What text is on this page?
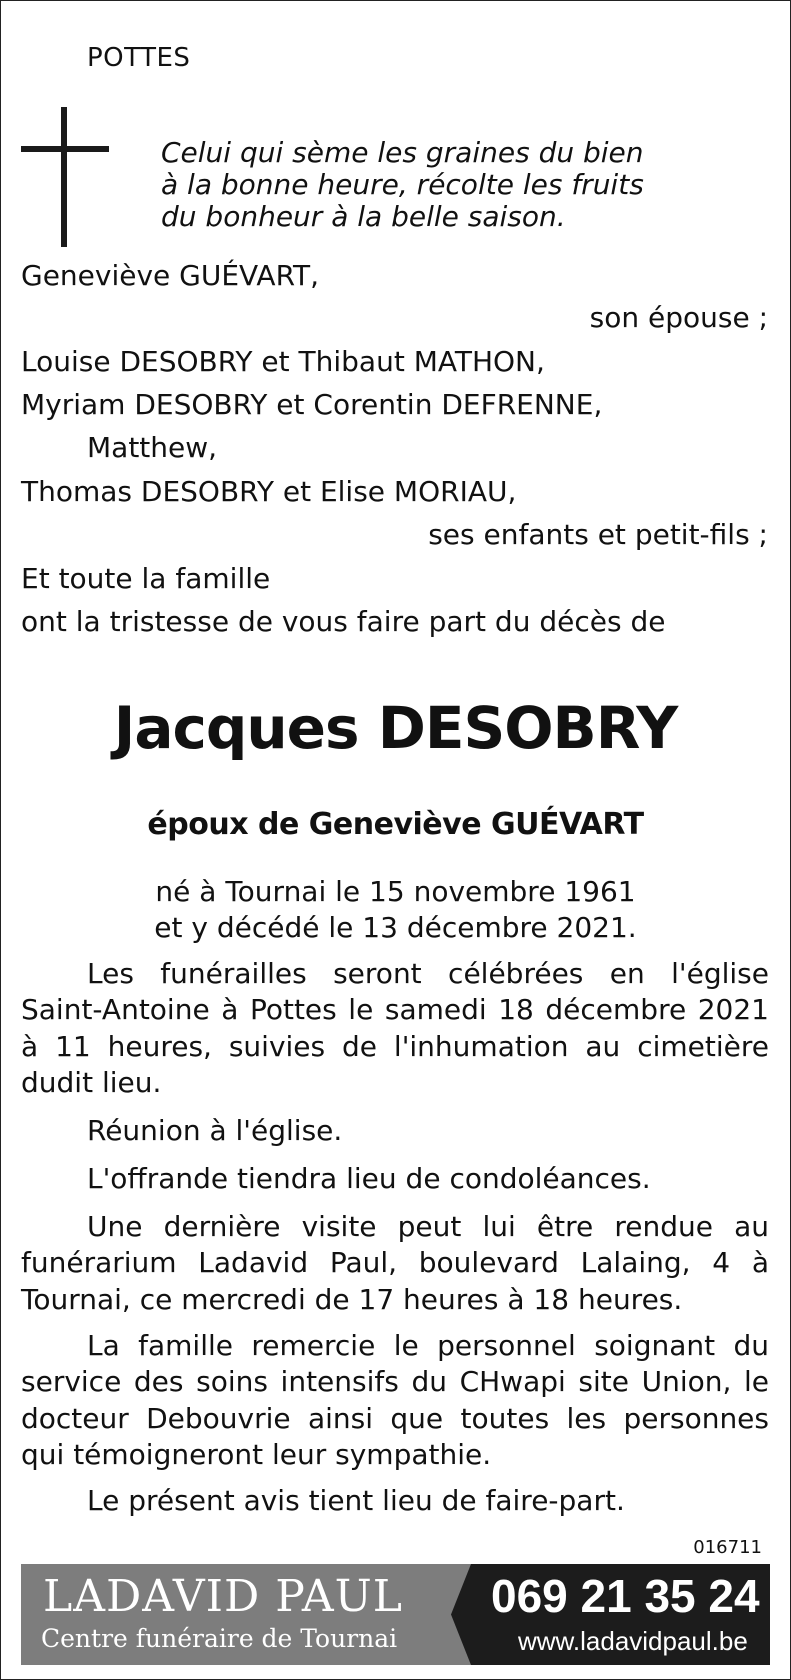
POTTES
Celui qui sème les graines du bien
à la bonne heure, récolte les fruits
du bonheur à la belle saison.
Geneviève GUÉVART,
son épouse ;
Louise DESOBRY et Thibaut MATHON,
Myriam DESOBRY et Corentin DEFRENNE,
Matthew,
Thomas DESOBRY et Elise MORIAU,
ses enfants et petit-fils ;
Et toute la famille
ont la tristesse de vous faire part du décès de
Jacques DESOBRY
époux de Geneviève GUÉVART
né à Tournai le 15 novembre 1961
et y décédé le 13 décembre 2021.
Les funérailles seront célébrées en l'église Saint-Antoine à Pottes le samedi 18 décembre 2021 à 11 heures, suivies de l'inhumation au cimetière dudit lieu.
Réunion à l'église.
L'offrande tiendra lieu de condoléances.
Une dernière visite peut lui être rendue au funérarium Ladavid Paul, boulevard Lalaing, 4 à Tournai, ce mercredi de 17 heures à 18 heures.
La famille remercie le personnel soignant du service des soins intensifs du CHwapi site Union, le docteur Debouvrie ainsi que toutes les personnes qui témoigneront leur sympathie.
Le présent avis tient lieu de faire-part.
016711
LADAVID PAUL
Centre funéraire de Tournai
069 21 35 24
www.ladavidpaul.be
